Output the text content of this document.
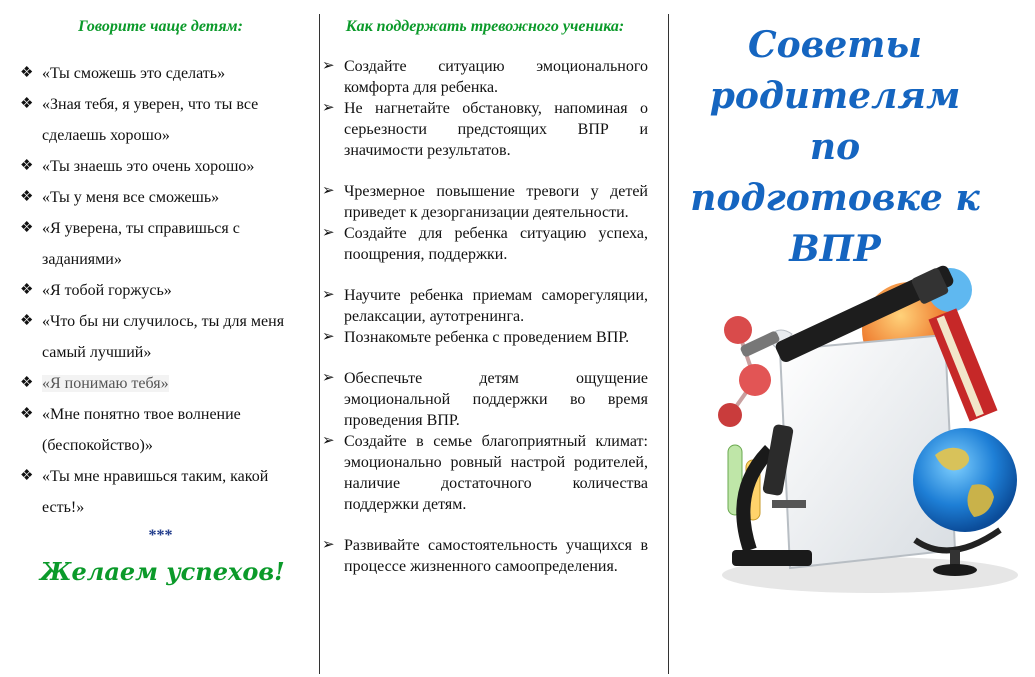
Говорите чаще детям:
❖ «Ты сможешь это сделать»
❖ «Зная тебя, я уверен, что ты все сделаешь хорошо»
❖ «Ты знаешь это очень хорошо»
❖ «Ты у меня все сможешь»
❖ «Я уверена, ты справишься с заданиями»
❖ «Я тобой горжусь»
❖ «Что бы ни случилось, ты для меня самый лучший»
❖ «Я понимаю тебя»
❖ «Мне понятно твое волнение (беспокойство)»
❖ «Ты мне нравишься таким, какой есть!»
***
Желаем успехов!
Как поддержать тревожного ученика:
➢ Создайте ситуацию эмоционального комфорта для ребенка.
➢ Не нагнетайте обстановку, напоминая о серьезности предстоящих ВПР и значимости результатов.
➢ Чрезмерное повышение тревоги у детей приведет к дезорганизации деятельности.
➢ Создайте для ребенка ситуацию успеха, поощрения, поддержки.
➢ Научите ребенка приемам саморегуляции, релаксации, аутотренинга.
➢ Познакомьте ребенка с проведением ВПР.
➢ Обеспечьте детям ощущение эмоциональной поддержки во время проведения ВПР.
➢ Создайте в семье благоприятный климат: эмоционально ровный настрой родителей, наличие достаточного количества поддержки детям.
➢ Развивайте самостоятельность учащихся в процессе жизненного самоопределения.
Советы
родителям по
подготовке к
ВПР
